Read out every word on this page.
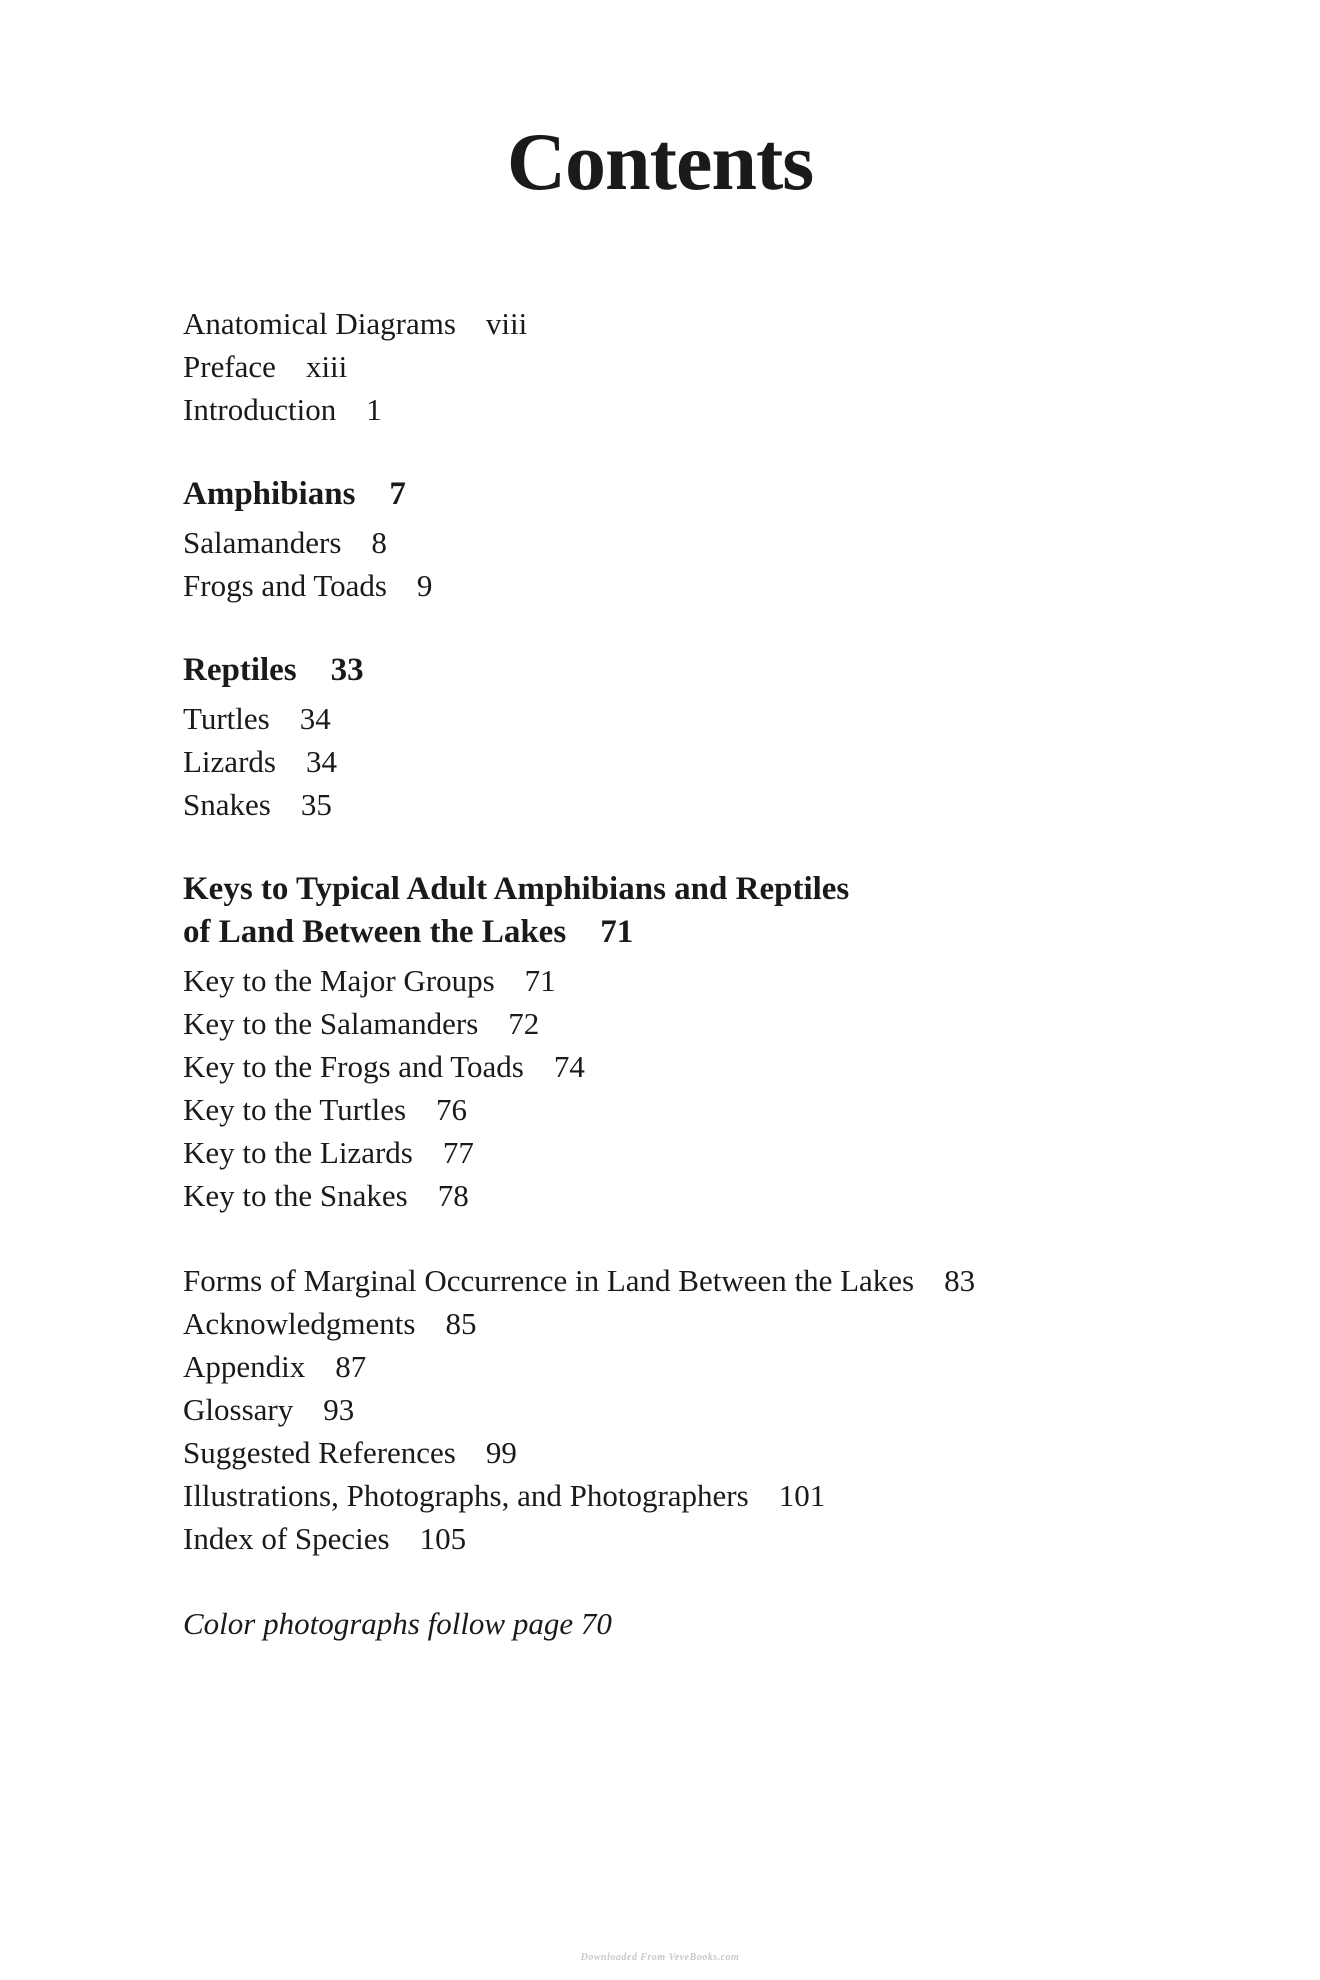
Contents
Anatomical Diagrams viii
Preface xiii
Introduction 1
Amphibians 7
Salamanders 8
Frogs and Toads 9
Reptiles 33
Turtles 34
Lizards 34
Snakes 35
Keys to Typical Adult Amphibians and Reptiles
of Land Between the Lakes 71
Key to the Major Groups 71
Key to the Salamanders 72
Key to the Frogs and Toads 74
Key to the Turtles 76
Key to the Lizards 77
Key to the Snakes 78
Forms of Marginal Occurrence in Land Between the Lakes 83
Acknowledgments 85
Appendix 87
Glossary 93
Suggested References 99
Illustrations, Photographs, and Photographers 101
Index of Species 105
Color photographs follow page 70
Downloaded From VeveBooks.com
